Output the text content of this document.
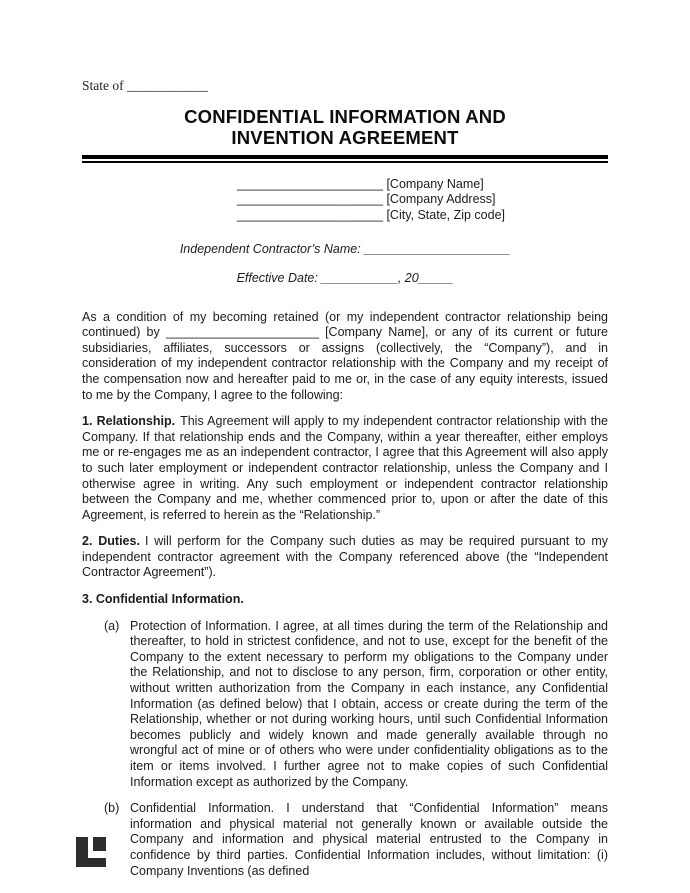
State of ____________
CONFIDENTIAL INFORMATION AND
INVENTION AGREEMENT
_____________________ [Company Name]
_____________________ [Company Address]
_____________________ [City, State, Zip code]
Independent Contractor’s Name: _____________________
Effective Date: ___________, 20_____

As a condition of my becoming retained (or my independent contractor relationship being continued) by ______________________ [Company Name], or any of its current or future subsidiaries, affiliates, successors or assigns (collectively, the “Company”), and in consideration of my independent contractor relationship with the Company and my receipt of the compensation now and hereafter paid to me or, in the case of any equity interests, issued to me by the Company, I agree to the following:

1. Relationship. This Agreement will apply to my independent contractor relationship with the Company. If that relationship ends and the Company, within a year thereafter, either employs me or re-engages me as an independent contractor, I agree that this Agreement will also apply to such later employment or independent contractor relationship, unless the Company and I otherwise agree in writing. Any such employment or independent contractor relationship between the Company and me, whether commenced prior to, upon or after the date of this Agreement, is referred to herein as the “Relationship.”

2. Duties. I will perform for the Company such duties as may be required pursuant to my independent contractor agreement with the Company referenced above (the “Independent Contractor Agreement”).

3. Confidential Information.

(a) Protection of Information. I agree, at all times during the term of the Relationship and thereafter, to hold in strictest confidence, and not to use, except for the benefit of the Company to the extent necessary to perform my obligations to the Company under the Relationship, and not to disclose to any person, firm, corporation or other entity, without written authorization from the Company in each instance, any Confidential Information (as defined below) that I obtain, access or create during the term of the Relationship, whether or not during working hours, until such Confidential Information becomes publicly and widely known and made generally available through no wrongful act of mine or of others who were under confidentiality obligations as to the item or items involved. I further agree not to make copies of such Confidential Information except as authorized by the Company.

(b) Confidential Information. I understand that “Confidential Information” means information and physical material not generally known or available outside the Company and information and physical material entrusted to the Company in confidence by third parties. Confidential Information includes, without limitation: (i) Company Inventions (as defined
